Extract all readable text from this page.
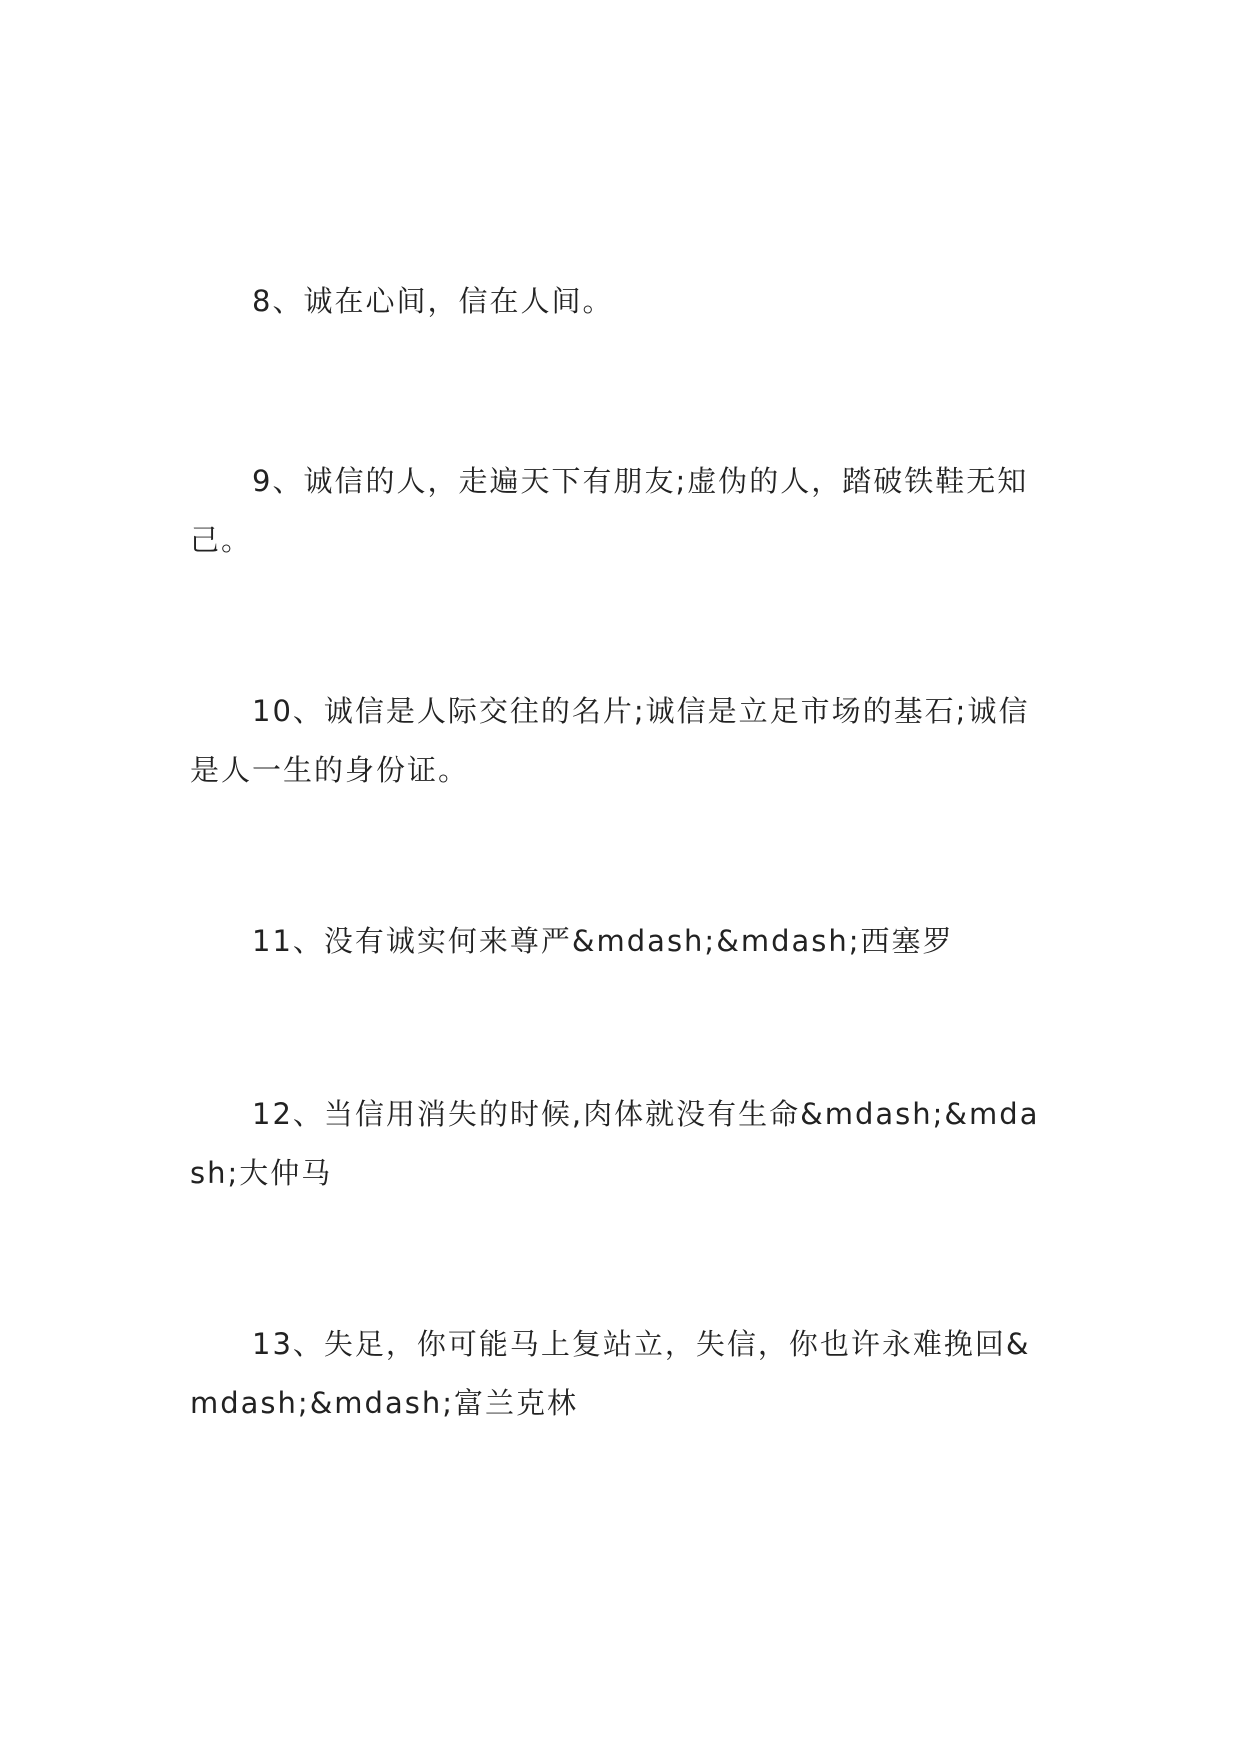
8、诚在心间，信在人间。

9、诚信的人，走遍天下有朋友;虚伪的人，踏破铁鞋无知己。

10、诚信是人际交往的名片;诚信是立足市场的基石;诚信是人一生的身份证。

11、没有诚实何来尊严&mdash;&mdash;西塞罗

12、当信用消失的时候,肉体就没有生命&mdash;&mdash;大仲马

13、失足，你可能马上复站立，失信，你也许永难挽回&mdash;&mdash;富兰克林
